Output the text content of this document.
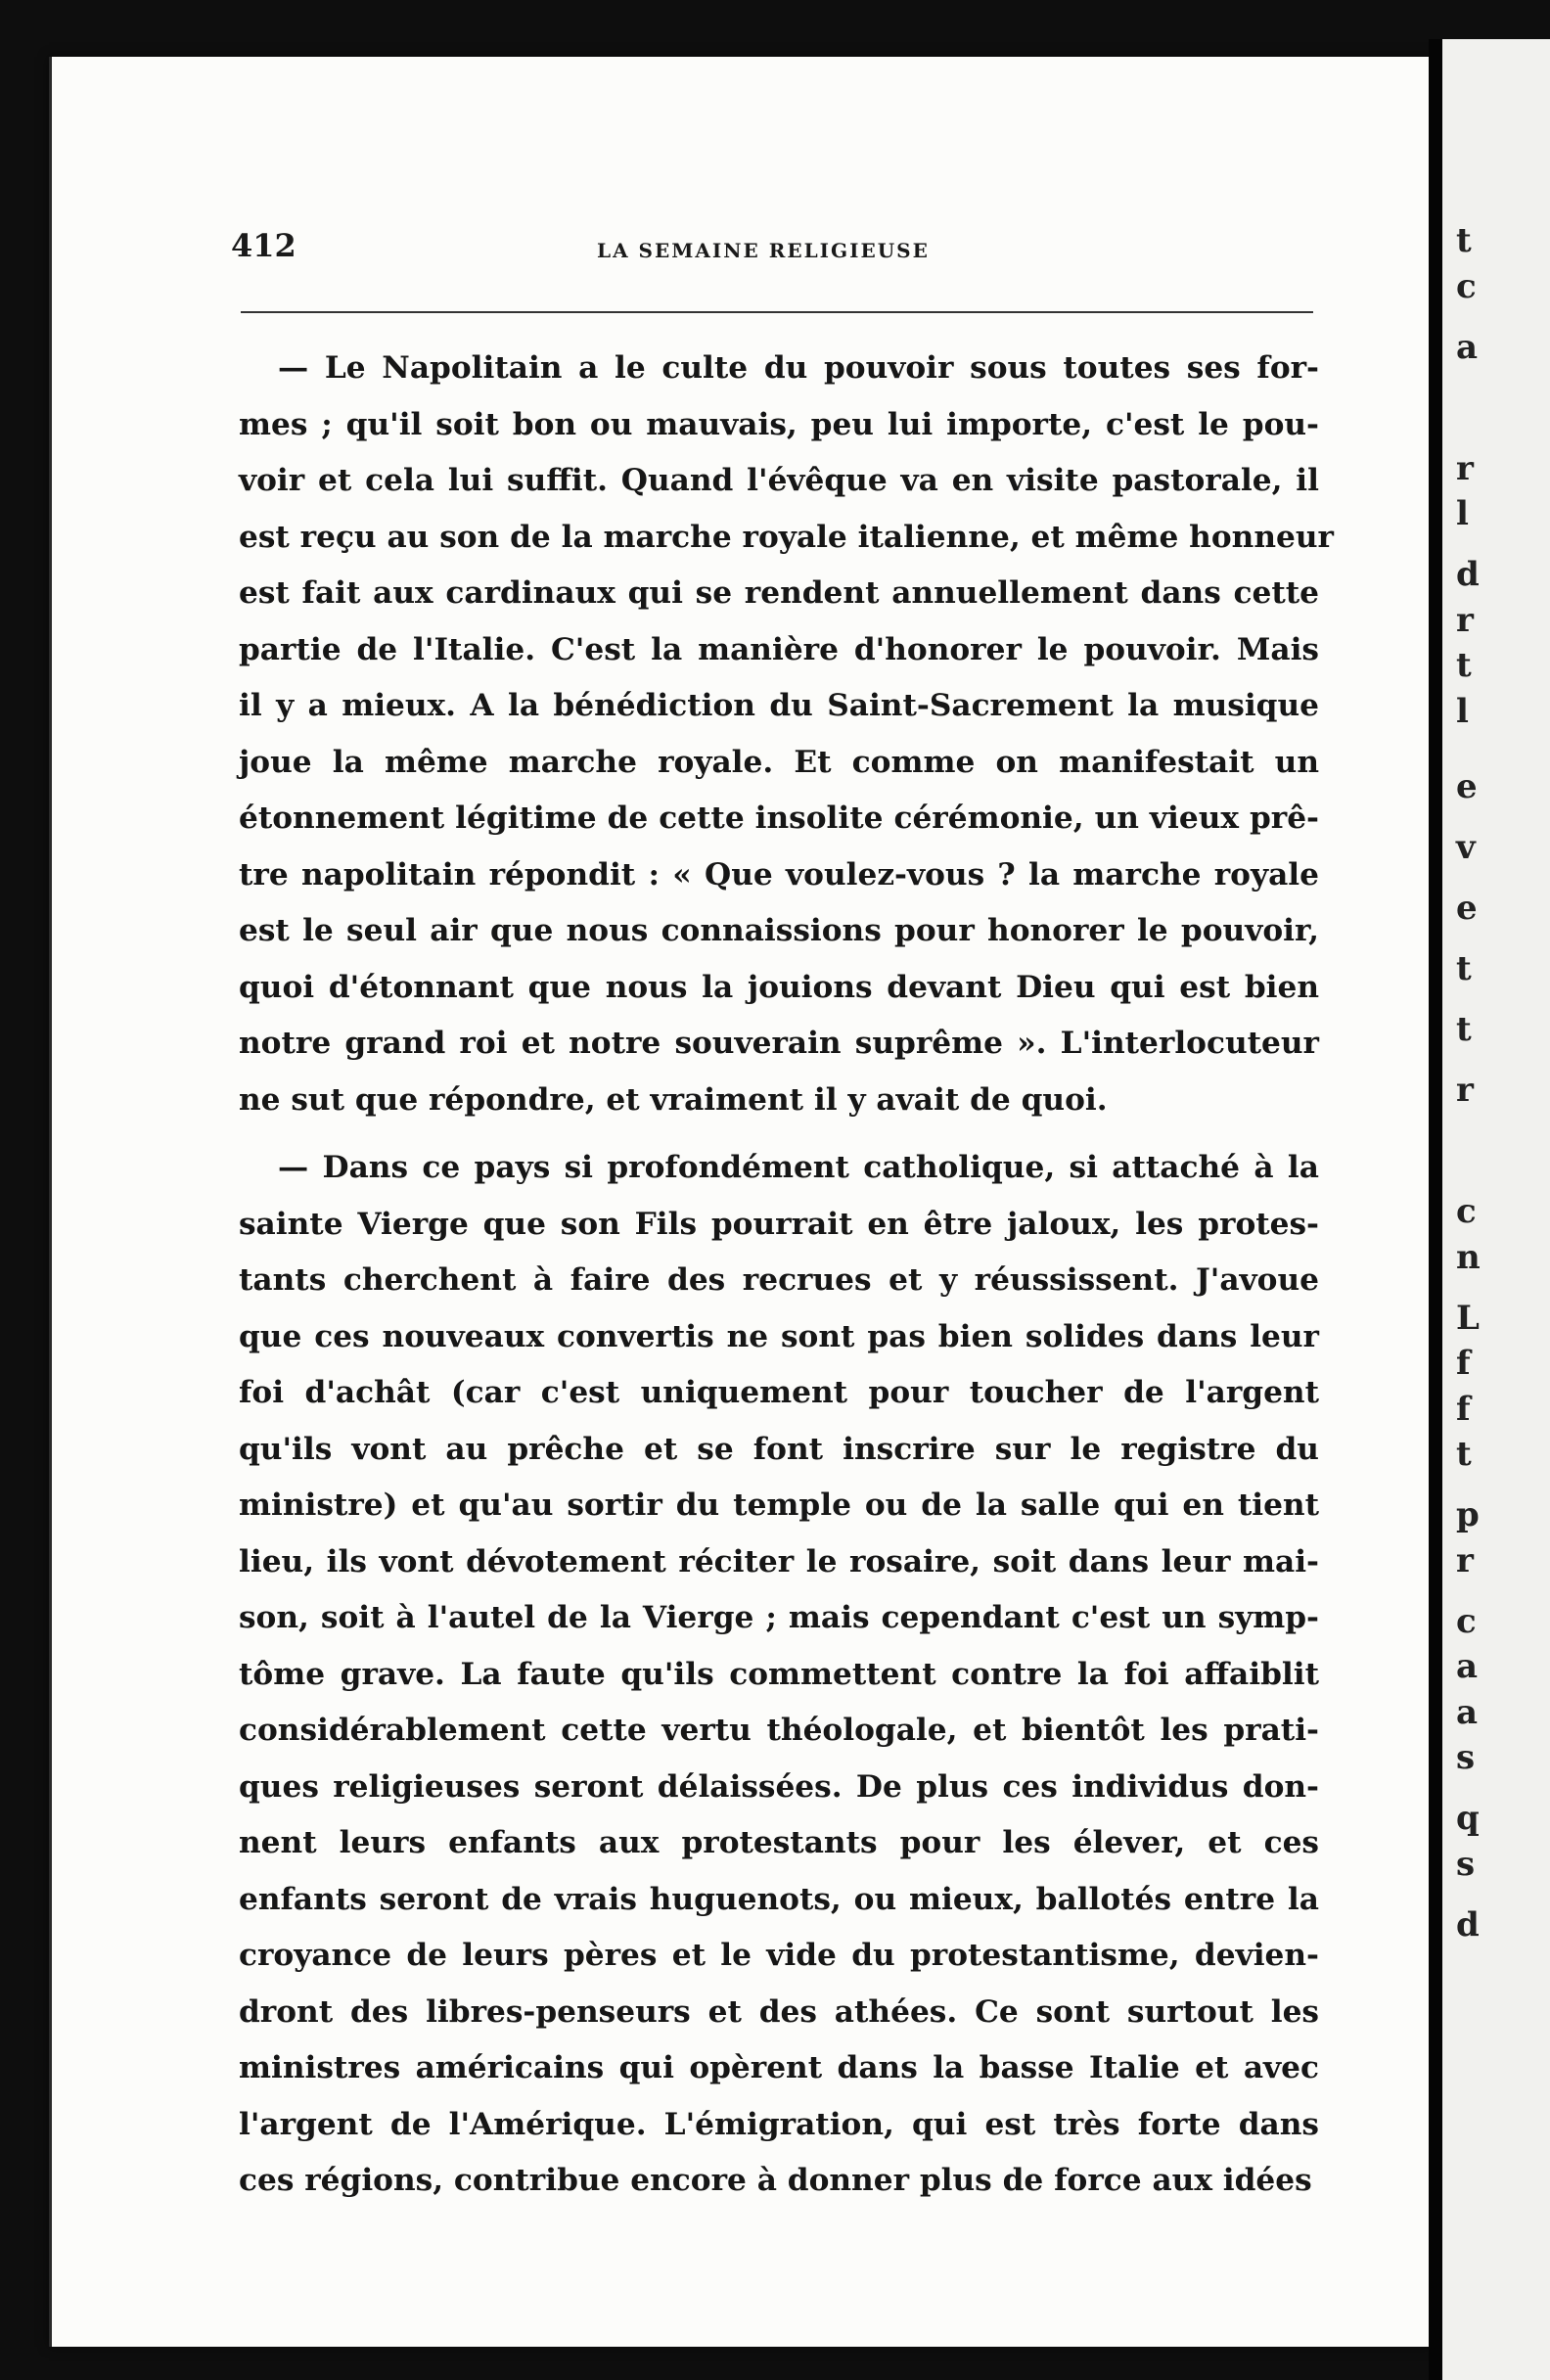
t
c
a
r
l
d
r
t
l
e
v
e
t
t
r
c
n
L
f
f
t
p
r
c
a
a
s
q
s
d
412	LA SEMAINE RELIGIEUSE
— Le Napolitain a le culte du pouvoir sous toutes ses for-
mes ; qu'il soit bon ou mauvais, peu lui importe, c'est le pou-
voir et cela lui suffit. Quand l'évêque va en visite pastorale, il
est reçu au son de la marche royale italienne, et même honneur
est fait aux cardinaux qui se rendent annuellement dans cette
partie de l'Italie. C'est la manière d'honorer le pouvoir. Mais
il y a mieux. A la bénédiction du Saint-Sacrement la musique
joue la même marche royale. Et comme on manifestait un
étonnement légitime de cette insolite cérémonie, un vieux prê-
tre napolitain répondit : « Que voulez-vous ? la marche royale
est le seul air que nous connaissions pour honorer le pouvoir,
quoi d'étonnant que nous la jouions devant Dieu qui est bien
notre grand roi et notre souverain suprême ». L'interlocuteur
ne sut que répondre, et vraiment il y avait de quoi.
— Dans ce pays si profondément catholique, si attaché à la
sainte Vierge que son Fils pourrait en être jaloux, les protes-
tants cherchent à faire des recrues et y réussissent. J'avoue
que ces nouveaux convertis ne sont pas bien solides dans leur
foi d'achât (car c'est uniquement pour toucher de l'argent
qu'ils vont au prêche et se font inscrire sur le registre du
ministre) et qu'au sortir du temple ou de la salle qui en tient
lieu, ils vont dévotement réciter le rosaire, soit dans leur mai-
son, soit à l'autel de la Vierge ; mais cependant c'est un symp-
tôme grave. La faute qu'ils commettent contre la foi affaiblit
considérablement cette vertu théologale, et bientôt les prati-
ques religieuses seront délaissées. De plus ces individus don-
nent leurs enfants aux protestants pour les élever, et ces
enfants seront de vrais huguenots, ou mieux, ballotés entre la
croyance de leurs pères et le vide du protestantisme, devien-
dront des libres-penseurs et des athées. Ce sont surtout les
ministres américains qui opèrent dans la basse Italie et avec
l'argent de l'Amérique. L'émigration, qui est très forte dans
ces régions, contribue encore à donner plus de force aux idées
